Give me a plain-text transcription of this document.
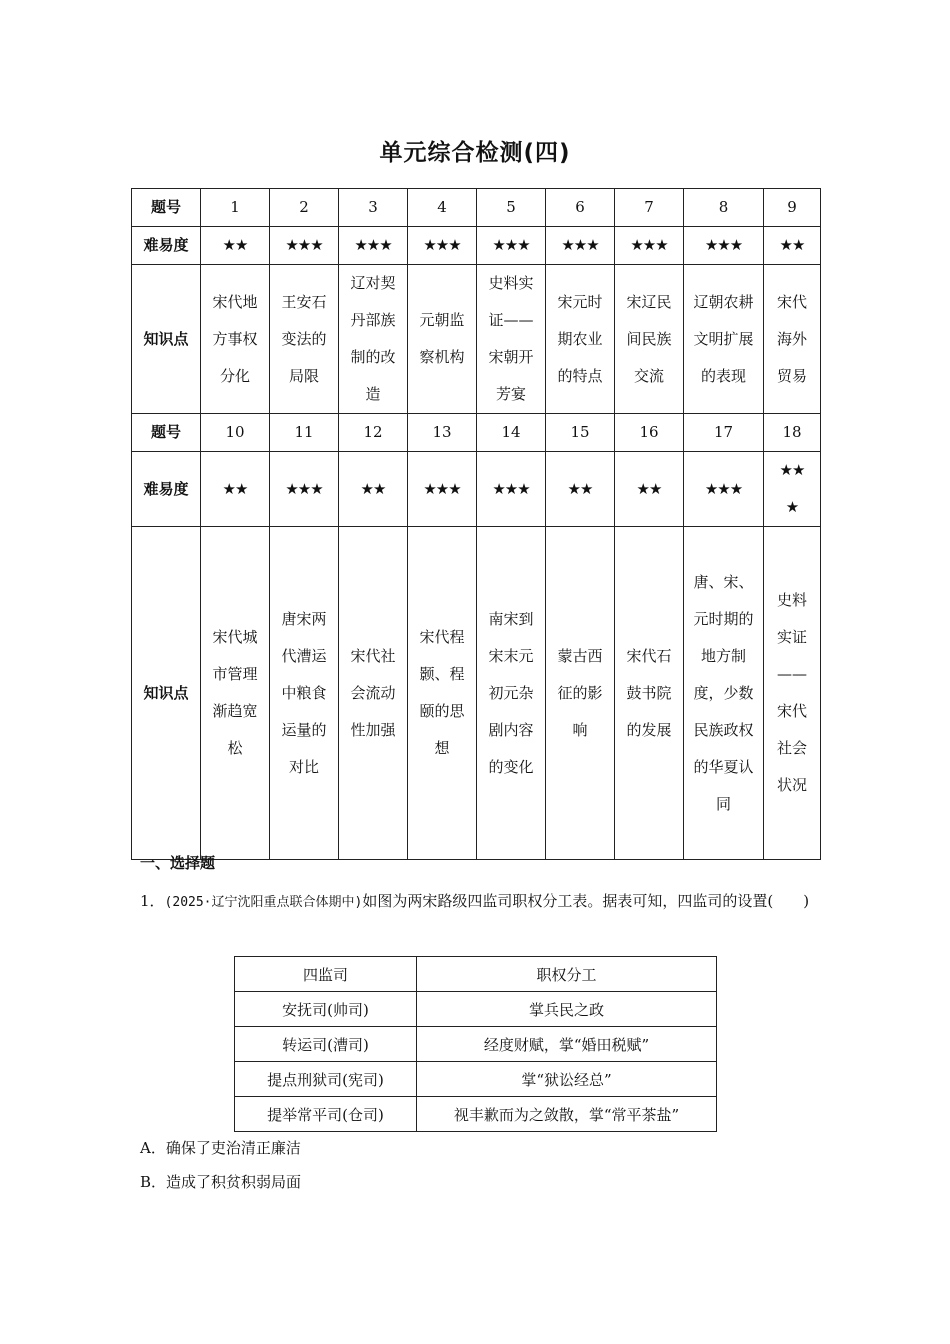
单元综合检测(四)
题号	1	2	3	4	5	6	7	8	9
难易度	★★	★★★	★★★	★★★	★★★	★★★	★★★	★★★	★★
知识点	宋代地方事权分化	王安石变法的局限	辽对契丹部族制的改造	元朝监察机构	史料实证——宋朝开芳宴	宋元时期农业的特点	宋辽民间民族交流	辽朝农耕文明扩展的表现	宋代海外贸易
题号	10	11	12	13	14	15	16	17	18
难易度	★★	★★★	★★	★★★	★★★	★★	★★	★★★	★★★
知识点	宋代城市管理渐趋宽松	唐宋两代漕运中粮食运量的对比	宋代社会流动性加强	宋代程颢、程颐的思想	南宋到宋末元初元杂剧内容的变化	蒙古西征的影响	宋代石鼓书院的发展	唐、宋、元时期的地方制度，少数民族政权的华夏认同	史料实证——宋代社会状况
一、选择题
1．(2025·辽宁沈阳重点联合体期中)如图为两宋路级四监司职权分工表。据表可知，四监司的设置(　　)
四监司	职权分工
安抚司(帅司)	掌兵民之政
转运司(漕司)	经度财赋，掌“婚田税赋”
提点刑狱司(宪司)	掌“狱讼经总”
提举常平司(仓司)	视丰歉而为之敛散，掌“常平茶盐”
A．确保了吏治清正廉洁
B．造成了积贫积弱局面
